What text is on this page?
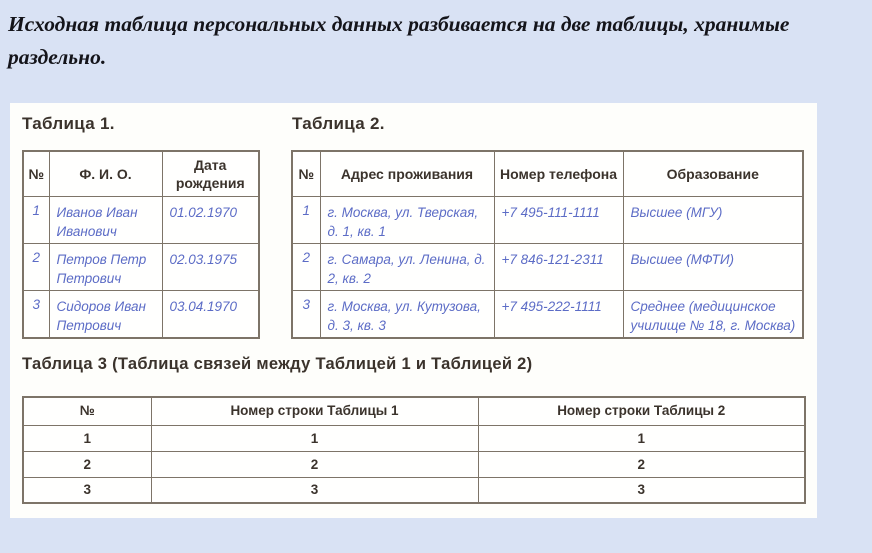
Исходная таблица персональных данных разбивается на две таблицы, хранимые раздельно.

Таблица 1.	Таблица 2.
№	Ф. И. О.	Дата рождения
1	Иванов Иван Иванович	01.02.1970
2	Петров Петр Петрович	02.03.1975
3	Сидоров Иван Петрович	03.04.1970
№	Адрес проживания	Номер телефона	Образование
1	г. Москва, ул. Тверская, д. 1, кв. 1	+7 495-111-1111	Высшее (МГУ)
2	г. Самара, ул. Ленина, д. 2, кв. 2	+7 846-121-2311	Высшее (МФТИ)
3	г. Москва, ул. Кутузова, д. 3, кв. 3	+7 495-222-1111	Среднее (медицинское училище № 18, г. Москва)
Таблица 3 (Таблица связей между Таблицей 1 и Таблицей 2)
№	Номер строки Таблицы 1	Номер строки Таблицы 2
1	1	1
2	2	2
3	3	3
